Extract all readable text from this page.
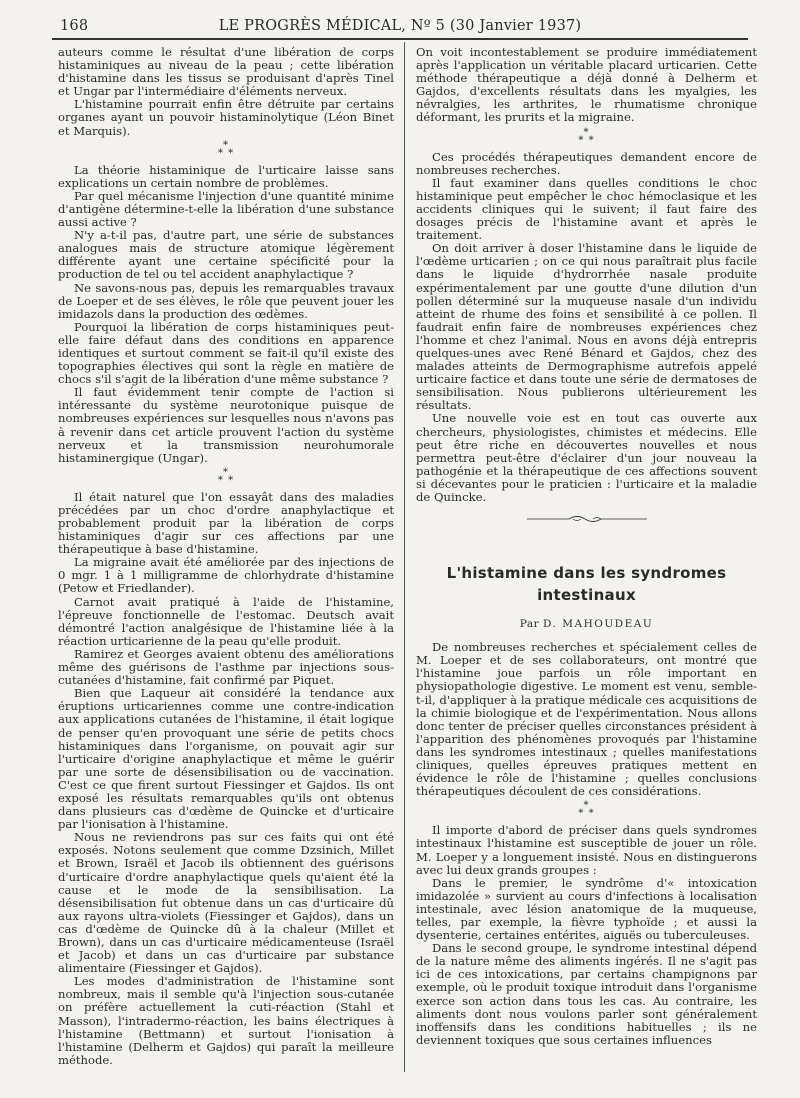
168	LE PROGRÈS MÉDICAL, Nº 5 (30 Janvier 1937)

auteurs comme le résultat d'une libération de corps histaminiques au niveau de la peau ; cette libération d'histamine dans les tissus se produisant d'après Tinel et Ungar par l'intermédiaire d'éléments nerveux.

L'histamine pourrait enfin être détruite par certains organes ayant un pouvoir histaminolytique (Léon Binet et Marquis).

*
* *

La théorie histaminique de l'urticaire laisse sans explications un certain nombre de problèmes.

Par quel mécanisme l'injection d'une quantité minime d'antigène détermine-t-elle la libération d'une substance aussi active ?

N'y a-t-il pas, d'autre part, une série de substances analogues mais de structure atomique légèrement différente ayant une certaine spécificité pour la production de tel ou tel accident anaphylactique ?

Ne savons-nous pas, depuis les remarquables travaux de Loeper et de ses élèves, le rôle que peuvent jouer les imidazols dans la production des œdèmes.

Pourquoi la libération de corps histaminiques peut-elle faire défaut dans des conditions en apparence identiques et surtout comment se fait-il qu'il existe des topographies électives qui sont la règle en matière de chocs s'il s'agit de la libération d'une même substance ?

Il faut évidemment tenir compte de l'action si intéressante du système neurotonique puisque de nombreuses expériences sur lesquelles nous n'avons pas à revenir dans cet article prouvent l'action du système nerveux et la transmission neurohumorale histaminergique (Ungar).

*
* *

Il était naturel que l'on essayât dans des maladies précédées par un choc d'ordre anaphylactique et probablement produit par la libération de corps histaminiques d'agir sur ces affections par une thérapeutique à base d'histamine.

La migraine avait été améliorée par des injections de 0 mgr. 1 à 1 milligramme de chlorhydrate d'histamine (Petow et Friedlander).

Carnot avait pratiqué à l'aide de l'histamine, l'épreuve fonctionnelle de l'estomac. Deutsch avait démontré l'action analgésique de l'histamine liée à la réaction urticarienne de la peau qu'elle produit.

Ramirez et Georges avaient obtenu des améliorations même des guérisons de l'asthme par injections sous-cutanées d'histamine, fait confirmé par Piquet.

Bien que Laqueur ait considéré la tendance aux éruptions urticariennes comme une contre-indication aux applications cutanées de l'histamine, il était logique de penser qu'en provoquant une série de petits chocs histaminiques dans l'organisme, on pouvait agir sur l'urticaire d'origine anaphylactique et même le guérir par une sorte de désensibilisation ou de vaccination. C'est ce que firent surtout Fiessinger et Gajdos. Ils ont exposé les résultats remarquables qu'ils ont obtenus dans plusieurs cas d'œdème de Quincke et d'urticaire par l'ionisation à l'histamine.

Nous ne reviendrons pas sur ces faits qui ont été exposés. Notons seulement que comme Dzsinich, Millet et Brown, Israël et Jacob ils obtiennent des guérisons d'urticaire d'ordre anaphylactique quels qu'aient été la cause et le mode de la sensibilisation. La désensibilisation fut obtenue dans un cas d'urticaire dû aux rayons ultra-violets (Fiessinger et Gajdos), dans un cas d'œdème de Quincke dû à la chaleur (Millet et Brown), dans un cas d'urticaire médicamenteuse (Israël et Jacob) et dans un cas d'urticaire par substance alimentaire (Fiessinger et Gajdos).

Les modes d'administration de l'histamine sont nombreux, mais il semble qu'à l'injection sous-cutanée on préfère actuellement la cuti-réaction (Stahl et Masson), l'intradermo-réaction, les bains électriques à l'histamine (Bettmann) et surtout l'ionisation à l'histamine (Delherm et Gajdos) qui paraît la meilleure méthode.

On voit incontestablement se produire immédiatement après l'application un véritable placard urticarien. Cette méthode thérapeutique a déjà donné à Delherm et Gajdos, d'excellents résultats dans les myalgies, les névralgies, les arthrites, le rhumatisme chronique déformant, les prurits et la migraine.

*
* *

Ces procédés thérapeutiques demandent encore de nombreuses recherches.

Il faut examiner dans quelles conditions le choc histaminique peut empêcher le choc hémoclasique et les accidents cliniques qui le suivent; il faut faire des dosages précis de l'histamine avant et après le traitement.

On doit arriver à doser l'histamine dans le liquide de l'œdème urticarien ; on ce qui nous paraîtrait plus facile dans le liquide d'hydrorrhée nasale produite expérimentalement par une goutte d'une dilution d'un pollen déterminé sur la muqueuse nasale d'un individu atteint de rhume des foins et sensibilité à ce pollen. Il faudrait enfin faire de nombreuses expériences chez l'homme et chez l'animal. Nous en avons déjà entrepris quelques-unes avec René Bénard et Gajdos, chez des malades atteints de Dermographisme autrefois appelé urticaire factice et dans toute une série de dermatoses de sensibilisation. Nous publierons ultérieurement les résultats.

Une nouvelle voie est en tout cas ouverte aux chercheurs, physiologistes, chimistes et médecins. Elle peut être riche en découvertes nouvelles et nous permettra peut-être d'éclairer d'un jour nouveau la pathogénie et la thérapeutique de ces affections souvent si décevantes pour le praticien : l'urticaire et la maladie de Quincke.

L'histamine dans les syndromes
intestinaux
Par D. MAHOUDEAU

De nombreuses recherches et spécialement celles de M. Loeper et de ses collaborateurs, ont montré que l'histamine joue parfois un rôle important en physiopathologie digestive. Le moment est venu, semble-t-il, d'appliquer à la pratique médicale ces acquisitions de la chimie biologique et de l'expérimentation. Nous allons donc tenter de préciser quelles circonstances président à l'apparition des phénomènes provoqués par l'histamine dans les syndromes intestinaux ; quelles manifestations cliniques, quelles épreuves pratiques mettent en évidence le rôle de l'histamine ; quelles conclusions thérapeutiques découlent de ces considérations.

*
* *

Il importe d'abord de préciser dans quels syndromes intestinaux l'histamine est susceptible de jouer un rôle. M. Loeper y a longuement insisté. Nous en distinguerons avec lui deux grands groupes :

Dans le premier, le syndrôme d'« intoxication imidazolée » survient au cours d'infections à localisation intestinale, avec lésion anatomique de la muqueuse, telles, par exemple, la fièvre typhoïde ; et aussi la dysenterie, certaines entérites, aiguës ou tuberculeuses.

Dans le second groupe, le syndrome intestinal dépend de la nature même des aliments ingérés. Il ne s'agit pas ici de ces intoxications, par certains champignons par exemple, où le produit toxique introduit dans l'organisme exerce son action dans tous les cas. Au contraire, les aliments dont nous voulons parler sont généralement inoffensifs dans les conditions habituelles ; ils ne deviennent toxiques que sous certaines influences
